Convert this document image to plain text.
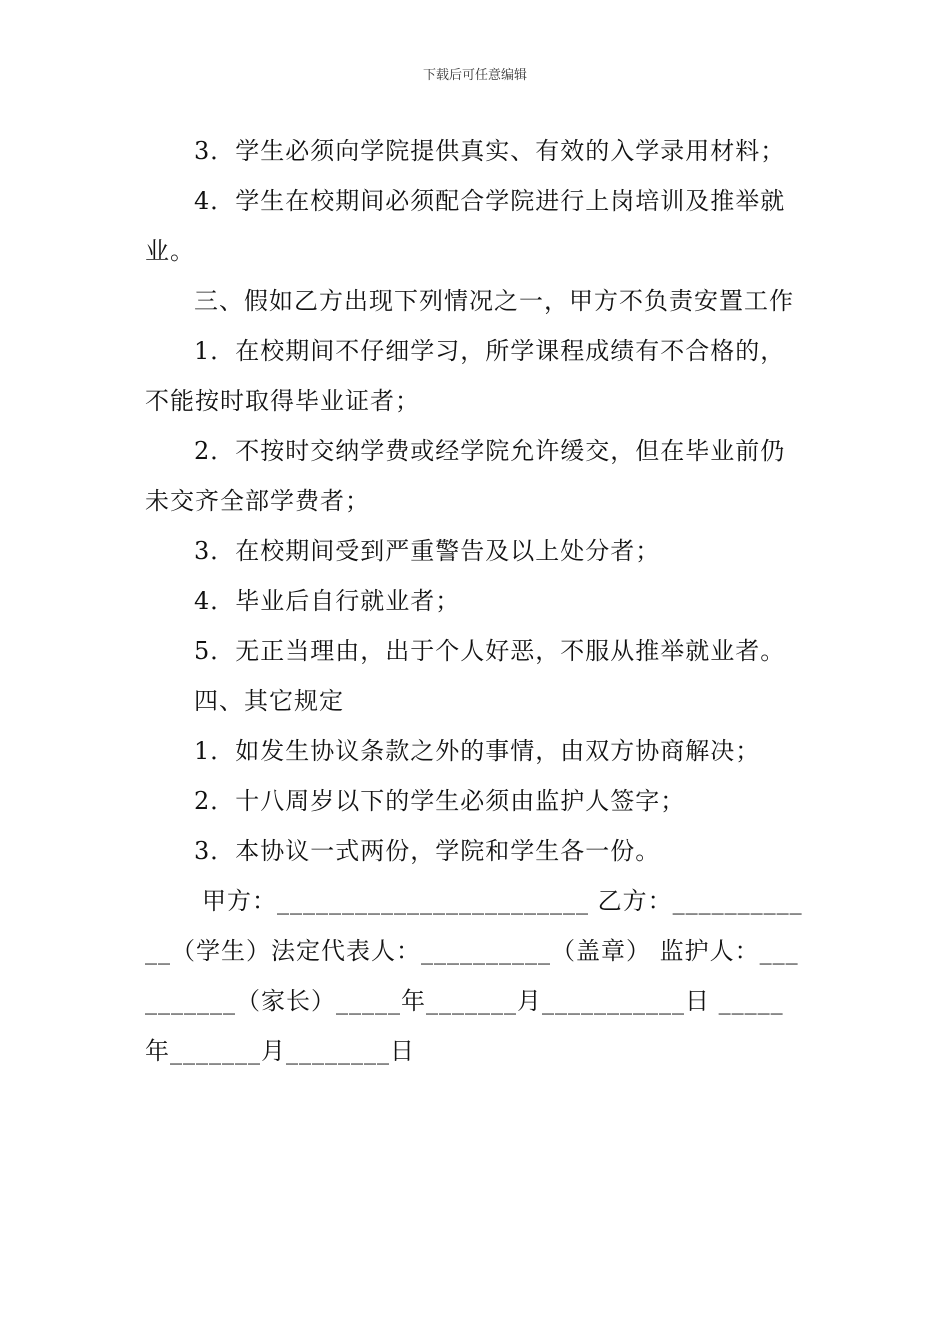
下载后可任意编辑

3．学生必须向学院提供真实、有效的入学录用材料；

4．学生在校期间必须配合学院进行上岗培训及推举就业。

三、假如乙方出现下列情况之一，甲方不负责安置工作

1．在校期间不仔细学习，所学课程成绩有不合格的，不能按时取得毕业证者；

2．不按时交纳学费或经学院允许缓交，但在毕业前仍未交齐全部学费者；

3．在校期间受到严重警告及以上处分者；

4．毕业后自行就业者；

5．无正当理由，出于个人好恶，不服从推举就业者。

四、其它规定

1．如发生协议条款之外的事情，由双方协商解决；

2．十八周岁以下的学生必须由监护人签字；

3．本协议一式两份，学院和学生各一份。

甲方：________________________ 乙方：____________（学生）法定代表人：__________（盖章） 监护人：__________（家长）_____年_______月___________日 _____年_______月________日
